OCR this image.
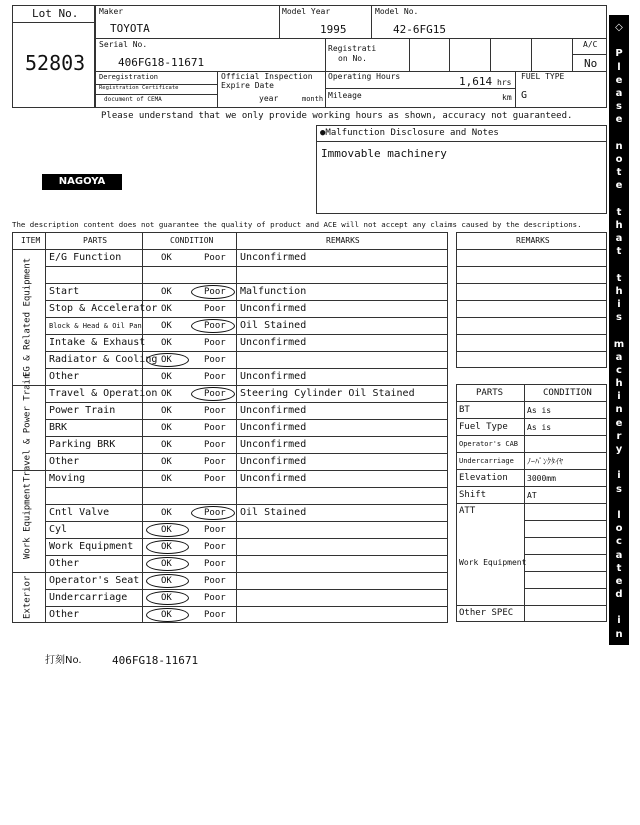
Lot No.
52803
Maker
TOYOTA
Model Year
1995
Model No.
42-6FG15
Serial No.
406FG18-11671
Registrati
on No.
A/C
No
Deregistration
Registration Certificate
document of CEMA
Official Inspection
Expire Date
year	month
Operating Hours	1,614 hrs
Mileage	km
FUEL TYPE
G
Please understand that we only provide working hours as shown, accuracy not guaranteed.
●Malfunction Disclosure and Notes
Immovable machinery
NAGOYA
The description content does not guarantee the quality of product and ACE will not accept any claims caused by the descriptions.
◇

P
l
e
a
s
e

n
o
t
e

t
h
a
t

t
h
i
s

m
a
c
h
i
n
e
r
y

i
s

l
o
c
a
t
e
d

i
n

N
a
g
o
y
a

Y
a
r
d

◇
打刻No.	406FG18-11671
ITEM	PARTS	CONDITION	REMARKS
EG & Related Equipment	E/G Function	OK	Poor Unconfirmed
Start	OK	Poor Malfunction
Stop & Accelerator OK	Poor Unconfirmed
Block & Head & Oil Pan OK	Poor Oil Stained
Intake & Exhaust OK	Poor Unconfirmed
Radiator & Cooling OK	Poor
Other	OK	Poor Unconfirmed
Travel & Power Train	Travel & Operation OK	Poor Steering Cylinder Oil Stained
Power Train	OK	Poor Unconfirmed
BRK	OK	Poor Unconfirmed
Parking BRK	OK	Poor Unconfirmed
Other	OK	Poor Unconfirmed
Work Equipment
Moving	OK	Poor Unconfirmed
Cntl Valve	OK	Poor Oil Stained
Cyl	OK	Poor
Work Equipment	OK	Poor
Other	OK	Poor
Exterior	Operator's Seat OK	Poor
Undercarriage	OK	Poor
Other	OK	Poor
REMARKS
PARTS	CONDITION
BT	As is
Fuel Type As is
Operator's CAB
Undercarriage ﾉｰﾊﾟﾝｸﾀｲﾔ
Elevation 3000mm
Shift	AT
ATT
Work Equipment
Other SPEC
